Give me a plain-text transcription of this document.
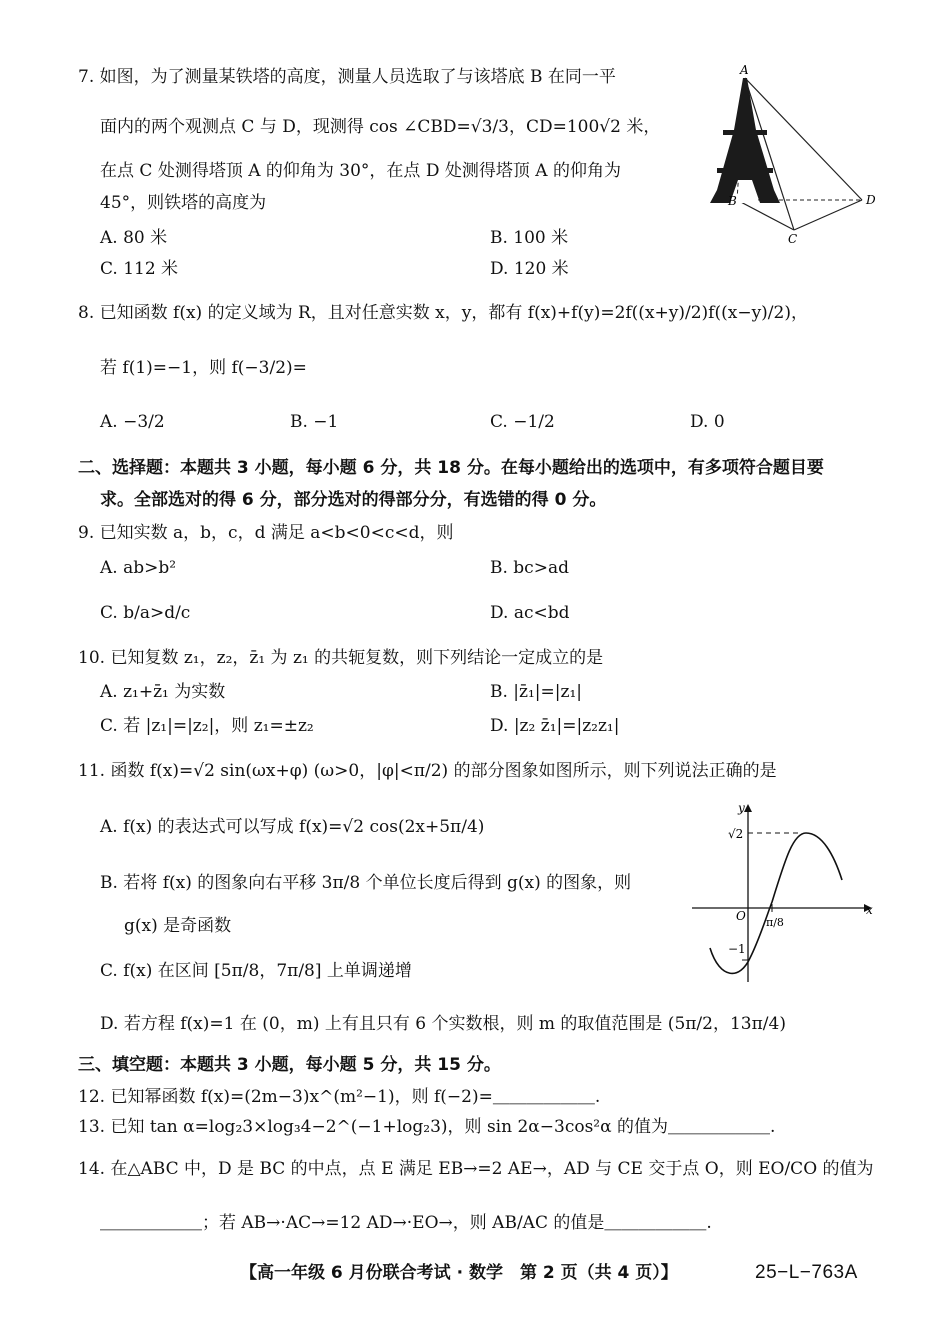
7. 如图，为了测量某铁塔的高度，测量人员选取了与该塔底 B 在同一平
面内的两个观测点 C 与 D，现测得 cos ∠CBD=√3/3，CD=100√2 米，
在点 C 处测得塔顶 A 的仰角为 30°，在点 D 处测得塔顶 A 的仰角为
45°，则铁塔的高度为
A. 80 米	B. 100 米
C. 112 米	D. 120 米
A
B
C
D
8. 已知函数 f(x) 的定义域为 R，且对任意实数 x，y，都有 f(x)+f(y)=2f((x+y)/2)f((x−y)/2)，
若 f(1)=−1，则 f(−3/2)=
A. −3/2	B. −1	C. −1/2	D. 0
二、选择题：本题共 3 小题，每小题 6 分，共 18 分。在每小题给出的选项中，有多项符合题目要
求。全部选对的得 6 分，部分选对的得部分分，有选错的得 0 分。
9. 已知实数 a，b，c，d 满足 a<b<0<c<d，则
A. ab>b²	B. bc>ad
C. b/a>d/c	D. ac<bd
10. 已知复数 z₁，z₂，z̄₁ 为 z₁ 的共轭复数，则下列结论一定成立的是
A. z₁+z̄₁ 为实数	B. |z̄₁|=|z₁|
C. 若 |z₁|=|z₂|，则 z₁=±z₂	D. |z₂ z̄₁|=|z₂z₁|
11. 函数 f(x)=√2 sin(ωx+φ) (ω>0，|φ|<π/2) 的部分图象如图所示，则下列说法正确的是
A. f(x) 的表达式可以写成 f(x)=√2 cos(2x+5π/4)
B. 若将 f(x) 的图象向右平移 3π/8 个单位长度后得到 g(x) 的图象，则
g(x) 是奇函数
C. f(x) 在区间 [5π/8，7π/8] 上单调递增
D. 若方程 f(x)=1 在 (0，m) 上有且只有 6 个实数根，则 m 的取值范围是 (5π/2，13π/4)
y
x
O
√2
−1
π/8
三、填空题：本题共 3 小题，每小题 5 分，共 15 分。
12. 已知幂函数 f(x)=(2m−3)x^(m²−1)，则 f(−2)=＿＿＿＿＿＿.
13. 已知 tan α=log₂3×log₃4−2^(−1+log₂3)，则 sin 2α−3cos²α 的值为＿＿＿＿＿＿.
14. 在△ABC 中，D 是 BC 的中点，点 E 满足 EB→=2 AE→，AD 与 CE 交于点 O，则 EO/CO 的值为
＿＿＿＿＿＿；若 AB→·AC→=12 AD→·EO→，则 AB/AC 的值是＿＿＿＿＿＿.
【高一年级 6 月份联合考试 · 数学　第 2 页（共 4 页）】	25−L−763A
